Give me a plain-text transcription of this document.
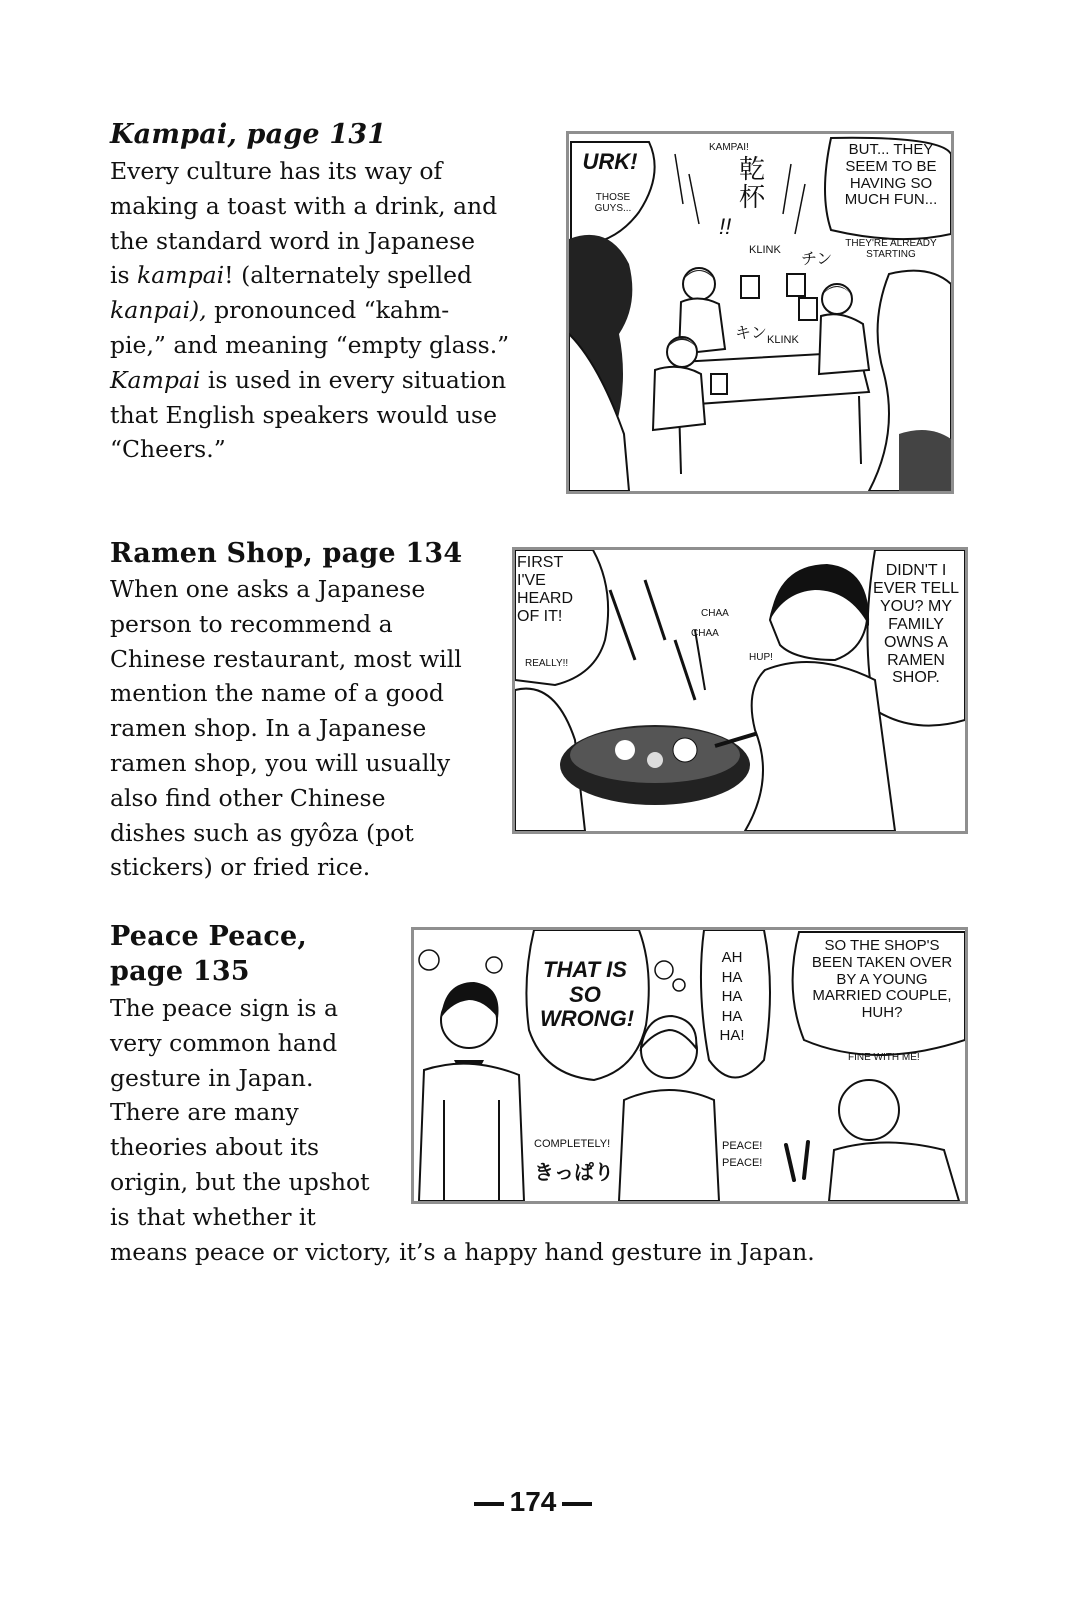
Kampai, page 131
Every culture has its way of
making a toast with a drink, and
the standard word in Japanese
is kampai! (alternately spelled
kanpai), pronounced “kahm-
pie,” and meaning “empty glass.”
Kampai is used in every situation
that English speakers would use
“Cheers.”
URK!
THOSE GUYS...
KAMPAI!
乾杯
!!
BUT... THEY SEEM TO BE HAVING SO MUCH FUN...
THEY'RE ALREADY STARTING
KLINK
KLINK
チン
キン
Ramen Shop, page 134
When one asks a Japanese
person to recommend a
Chinese restaurant, most will
mention the name of a good
ramen shop. In a Japanese
ramen shop, you will usually
also find other Chinese
dishes such as gyôza (pot
stickers) or fried rice.
FIRST I'VE HEARD OF IT!
REALLY!!
CHAA
CHAA
HUP!
DIDN'T I EVER TELL YOU? MY FAMILY OWNS A RAMEN SHOP.
Peace Peace,
page 135
The peace sign is a
very common hand
gesture in Japan.
There are many
theories about its
origin, but the upshot
is that whether it
means peace or victory, it’s a happy hand gesture in Japan.
THAT IS SO WRONG!
AH HA HA HA HA!
SO THE SHOP'S BEEN TAKEN OVER BY A YOUNG MARRIED COUPLE, HUH?
FINE WITH ME!
COMPLETELY!
きっぱり
PEACE! PEACE!
174
